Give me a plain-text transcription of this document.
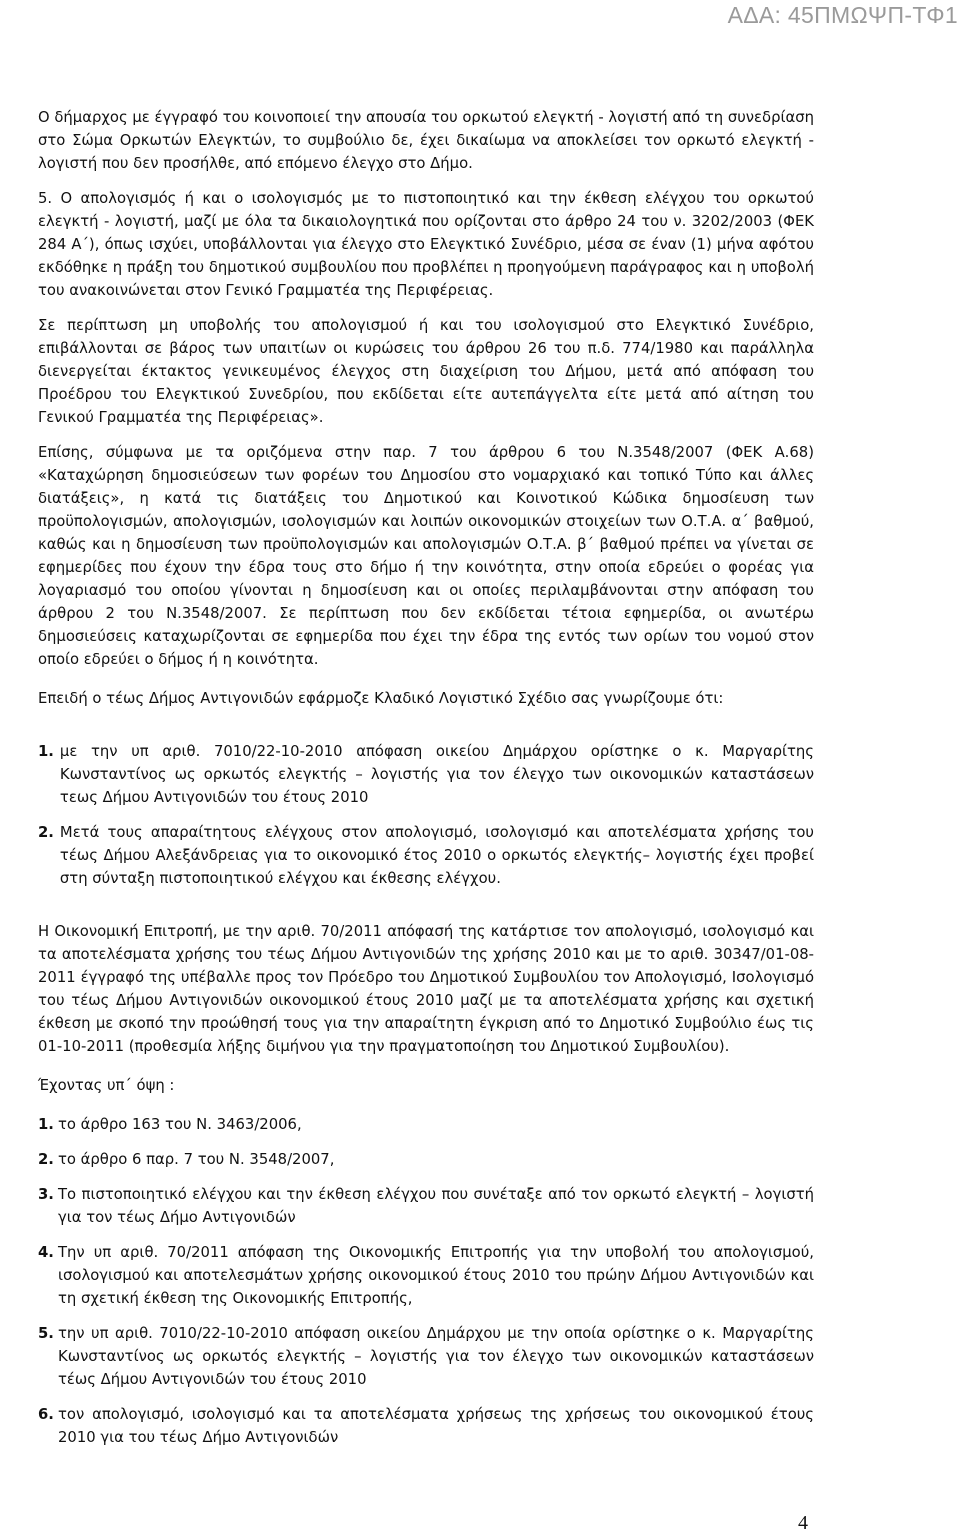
ΑΔΑ: 45ΠΜΩΨΠ-ΤΦ1

Ο δήμαρχος με έγγραφό του κοινοποιεί την απουσία του ορκωτού ελεγκτή - λογιστή από τη συνεδρίαση στο Σώμα Ορκωτών Ελεγκτών, το συμβούλιο δε, έχει δικαίωμα να αποκλείσει τον ορκωτό ελεγκτή - λογιστή που δεν προσήλθε, από επόμενο έλεγχο στο Δήμο.

5. Ο απολογισμός ή και ο ισολογισμός με το πιστοποιητικό και την έκθεση ελέγχου του ορκωτού ελεγκτή - λογιστή, μαζί με όλα τα δικαιολογητικά που ορίζονται στο άρθρο 24 του ν. 3202/2003 (ΦΕΚ 284 Α΄), όπως ισχύει, υποβάλλονται για έλεγχο στο Ελεγκτικό Συνέδριο, μέσα σε έναν (1) μήνα αφότου εκδόθηκε η πράξη του δημοτικού συμβουλίου που προβλέπει η προηγούμενη παράγραφος και η υποβολή του ανακοινώνεται στον Γενικό Γραμματέα της Περιφέρειας.

Σε περίπτωση μη υποβολής του απολογισμού ή και του ισολογισμού στο Ελεγκτικό Συνέδριο, επιβάλλονται σε βάρος των υπαιτίων οι κυρώσεις του άρθρου 26 του π.δ. 774/1980 και παράλληλα διενεργείται έκτακτος γενικευμένος έλεγχος στη διαχείριση του Δήμου, μετά από απόφαση του Προέδρου του Ελεγκτικού Συνεδρίου, που εκδίδεται είτε αυτεπάγγελτα είτε μετά από αίτηση του Γενικού Γραμματέα της Περιφέρειας».

Επίσης, σύμφωνα με τα οριζόμενα στην παρ. 7 του άρθρου 6 του Ν.3548/2007 (ΦΕΚ Α.68) «Καταχώρηση δημοσιεύσεων των φορέων του Δημοσίου στο νομαρχιακό και τοπικό Τύπο και άλλες διατάξεις», η κατά τις διατάξεις του Δημοτικού και Κοινοτικού Κώδικα δημοσίευση των προϋπολογισμών, απολογισμών, ισολογισμών και λοιπών οικονομικών στοιχείων των Ο.Τ.Α. α΄ βαθμού, καθώς και η δημοσίευση των προϋπολογισμών και απολογισμών Ο.Τ.Α. β΄ βαθμού πρέπει να γίνεται σε εφημερίδες που έχουν την έδρα τους στο δήμο ή την κοινότητα, στην οποία εδρεύει ο φορέας για λογαριασμό του οποίου γίνονται η δημοσίευση και οι οποίες περιλαμβάνονται στην απόφαση του άρθρου 2 του Ν.3548/2007. Σε περίπτωση που δεν εκδίδεται τέτοια εφημερίδα, οι ανωτέρω δημοσιεύσεις καταχωρίζονται σε εφημερίδα που έχει την έδρα της εντός των ορίων του νομού στον οποίο εδρεύει ο δήμος ή η κοινότητα.

Επειδή ο τέως Δήμος Αντιγονιδών εφάρμοζε Κλαδικό Λογιστικό Σχέδιο σας γνωρίζουμε ότι:

1. με την υπ αριθ. 7010/22-10-2010 απόφαση οικείου Δημάρχου ορίστηκε ο κ. Μαργαρίτης Κωνσταντίνος ως ορκωτός ελεγκτής – λογιστής για τον έλεγχο των οικονομικών καταστάσεων τεως Δήμου Αντιγονιδών του έτους 2010
2. Μετά τους απαραίτητους ελέγχους στον απολογισμό, ισολογισμό και αποτελέσματα χρήσης του τέως Δήμου Αλεξάνδρειας για το οικονομικό έτος 2010 ο ορκωτός ελεγκτής– λογιστής έχει προβεί στη σύνταξη πιστοποιητικού ελέγχου και έκθεσης ελέγχου.

Η Οικονομική Επιτροπή, με την αριθ. 70/2011 απόφασή της κατάρτισε τον απολογισμό, ισολογισμό και τα αποτελέσματα χρήσης του τέως Δήμου Αντιγονιδών της χρήσης 2010 και με το αριθ. 30347/01-08-2011 έγγραφό της υπέβαλλε προς τον Πρόεδρο του Δημοτικού Συμβουλίου τον Απολογισμό, Ισολογισμό του τέως Δήμου Αντιγονιδών οικονομικού έτους 2010 μαζί με τα αποτελέσματα χρήσης και σχετική έκθεση με σκοπό την προώθησή τους για την απαραίτητη έγκριση από το Δημοτικό Συμβούλιο έως τις 01-10-2011 (προθεσμία λήξης διμήνου για την πραγματοποίηση του Δημοτικού Συμβουλίου).

Έχοντας υπ΄ όψη :

1. το άρθρο 163 του Ν. 3463/2006,
2. το άρθρο 6 παρ. 7 του Ν. 3548/2007,
3. Το πιστοποιητικό ελέγχου και την έκθεση ελέγχου που συνέταξε από τον ορκωτό ελεγκτή – λογιστή για τον τέως Δήμο Αντιγονιδών
4. Την υπ αριθ. 70/2011 απόφαση της Οικονομικής Επιτροπής για την υποβολή του απολογισμού, ισολογισμού και αποτελεσμάτων χρήσης οικονομικού έτους 2010 του πρώην Δήμου Αντιγονιδών και τη σχετική έκθεση της Οικονομικής Επιτροπής,
5. την υπ αριθ. 7010/22-10-2010 απόφαση οικείου Δημάρχου με την οποία ορίστηκε ο κ. Μαργαρίτης Κωνσταντίνος ως ορκωτός ελεγκτής – λογιστής για τον έλεγχο των οικονομικών καταστάσεων τέως Δήμου Αντιγονιδών του έτους 2010
6. τον απολογισμό, ισολογισμό και τα αποτελέσματα χρήσεως της χρήσεως του οικονομικού έτους 2010 για του τέως Δήμο Αντιγονιδών
4
